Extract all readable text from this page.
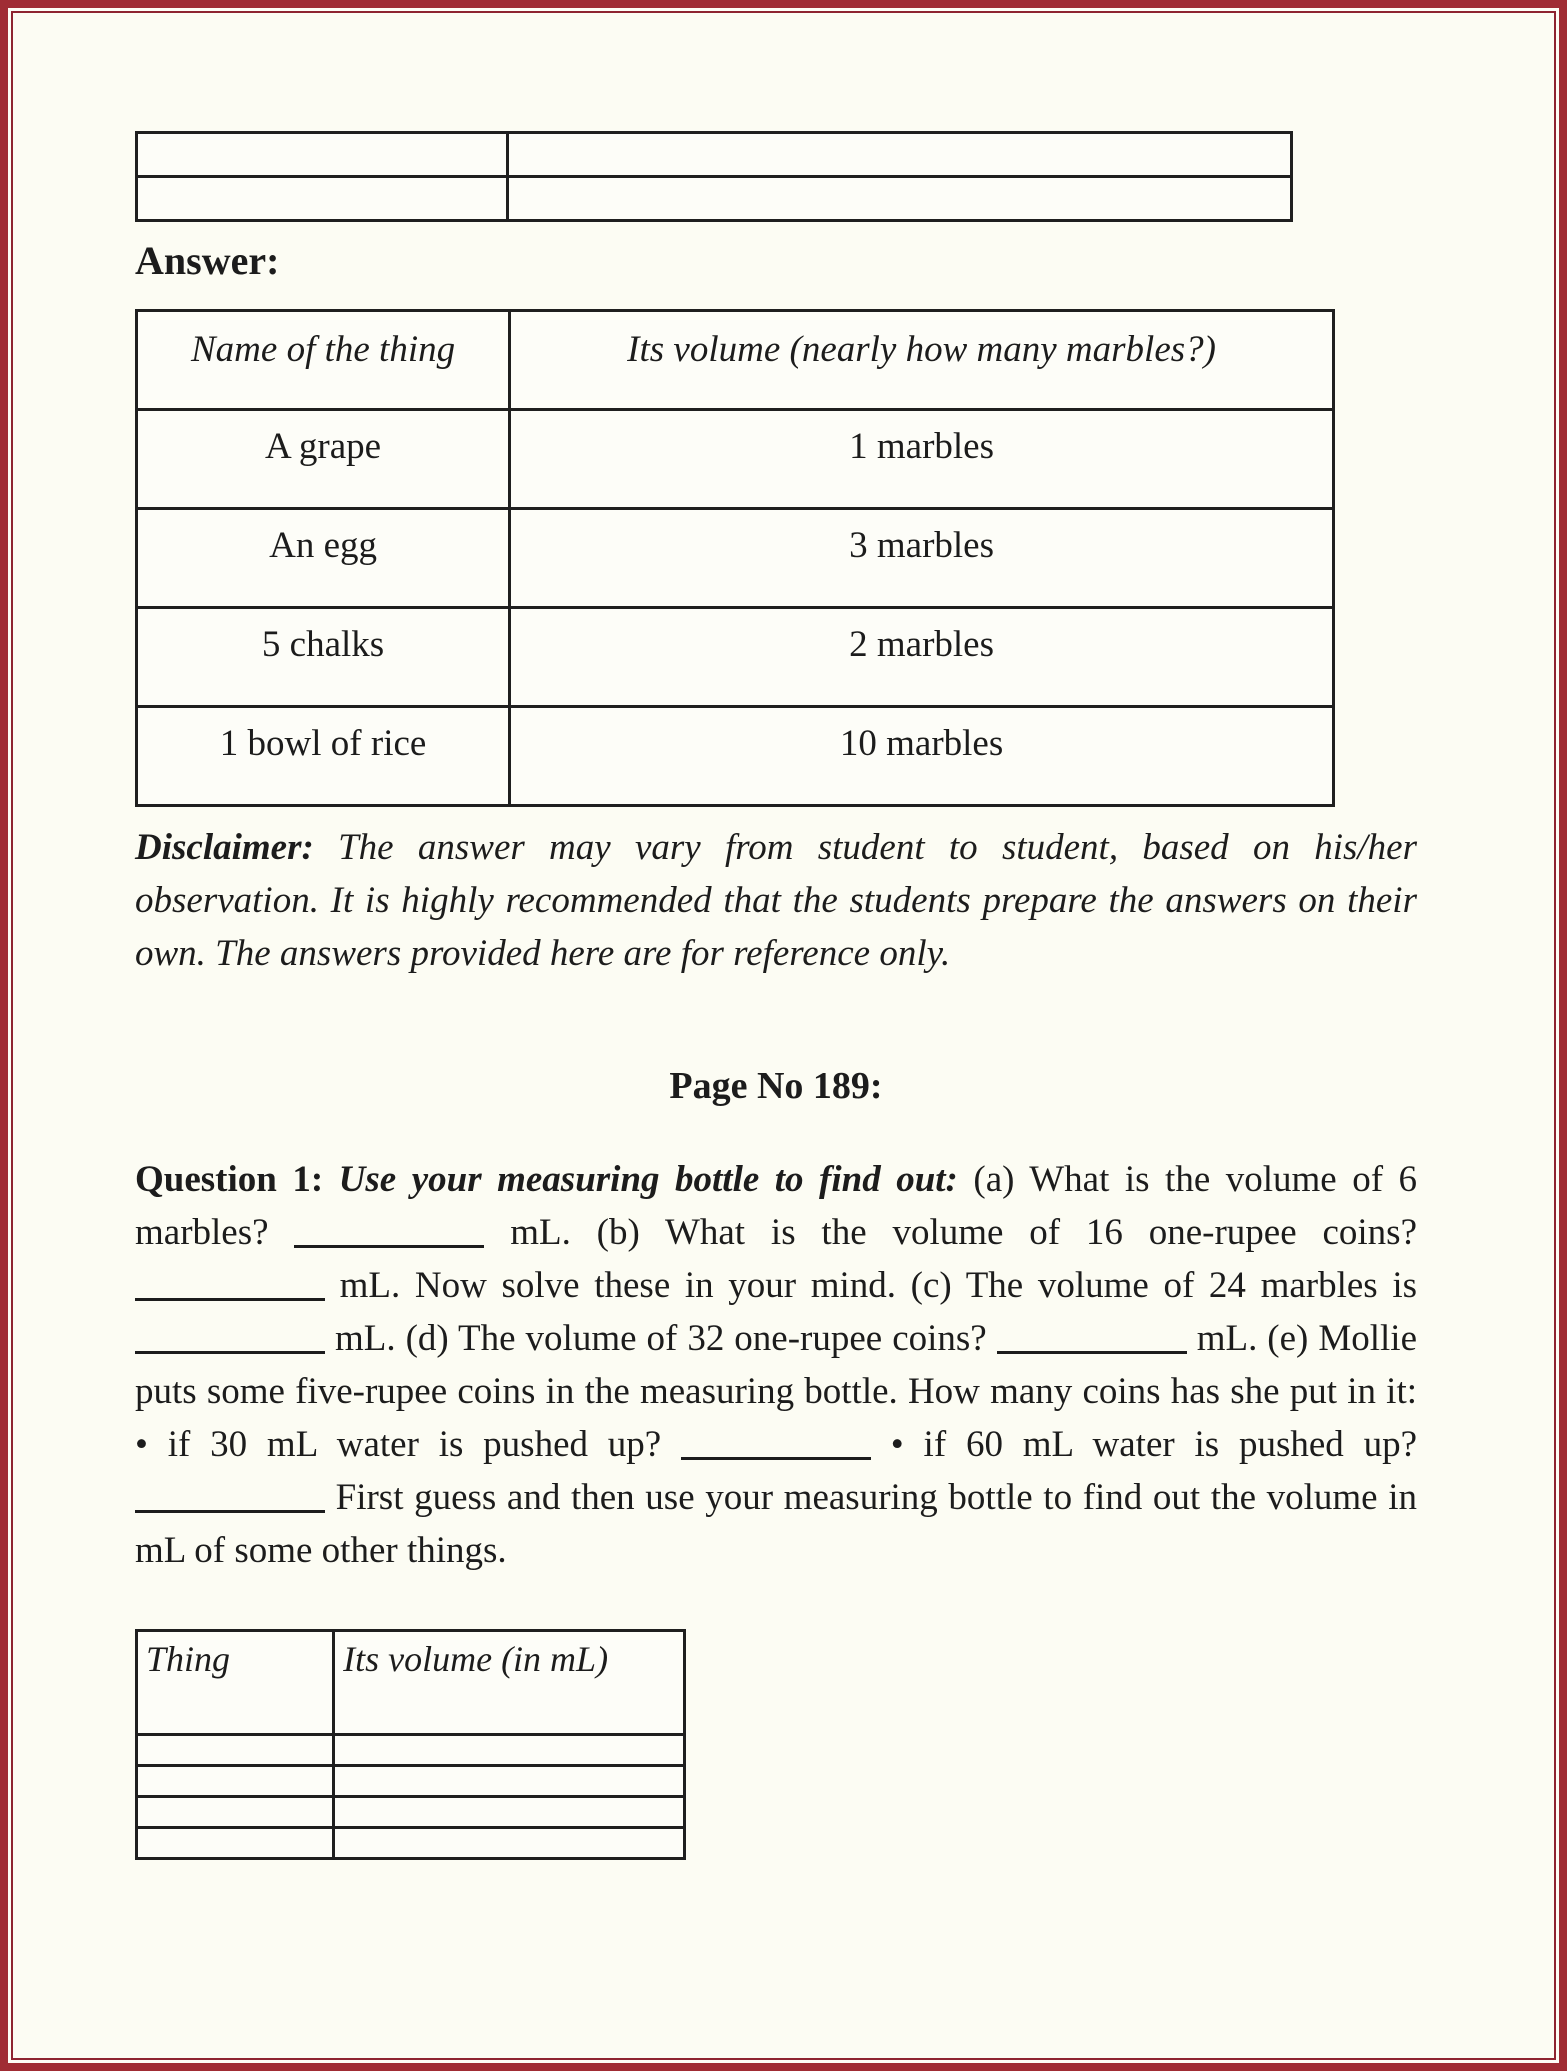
Answer:
Name of the thing	Its volume (nearly how many marbles?)
A grape	1 marbles
An egg	3 marbles
5 chalks	2 marbles
1 bowl of rice	10 marbles

Disclaimer: The answer may vary from student to student, based on his/her observation. It is highly recommended that the students prepare the answers on their own. The answers provided here are for reference only.

Page No 189:

Question 1: Use your measuring bottle to find out: (a) What is the volume of 6 marbles?	mL. (b) What is the volume of 16 one-rupee coins?  mL. Now solve these in your mind. (c) The volume of 24 marbles is  mL. (d) The volume of 32 one-rupee coins?	mL. (e) Mollie puts some five-rupee coins in the measuring bottle. How many coins has she put in it: • if 30 mL water is pushed up?	• if 60 mL water is pushed up?  First guess and then use your measuring bottle to find out the volume in mL of some other things.

Thing	Its volume (in mL)
